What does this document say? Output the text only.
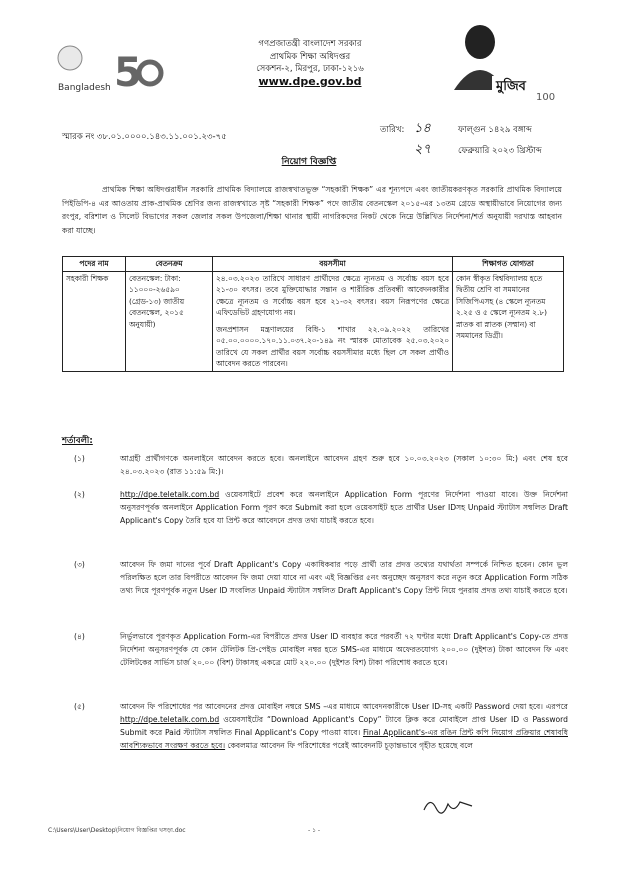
Bangladesh 5
গণপ্রজাতন্ত্রী বাংলাদেশ সরকার
প্রাথমিক শিক্ষা অধিদপ্তর
সেকশন-২, মিরপুর, ঢাকা-১২১৬
www.dpe.gov.bd	মুজিব
100
স্মারক নং ৩৮.০১.০০০০.১৪৩.১১.০০১.২৩-৭৫
তারিখ: ১৪	ফাল্গুন ১৪২৯ বঙ্গাব্দ
২৭	ফেব্রুয়ারি ২০২৩ খ্রিস্টাব্দ
নিয়োগ বিজ্ঞপ্তি
প্রাথমিক শিক্ষা অধিদপ্তরাধীন সরকারি প্রাথমিক বিদ্যালয়ে রাজস্বখাতভুক্ত “সহকারী শিক্ষক” এর শূন্যপদে এবং জাতীয়করণকৃত সরকারি প্রাথমিক বিদ্যালয়ে পিইডিপি-৪ এর আওতায় প্রাক-প্রাথমিক শ্রেণির জন্য রাজস্বখাতে সৃষ্ট “সহকারী শিক্ষক” পদে জাতীয় বেতনস্কেল ২০১৫-এর ১৩তম গ্রেডে অস্থায়ীভাবে নিয়োগের জন্য রংপুর, বরিশাল ও সিলেট বিভাগের সকল জেলার সকল উপজেলা/শিক্ষা থানার স্থায়ী নাগরিকদের নিকট থেকে নিম্নে উল্লিখিত নির্দেশনা/শর্ত অনুযায়ী দরখাস্ত আহবান করা যাচ্ছে।
পদের নাম	বেতনক্রম	বয়সসীমা	শিক্ষাগত যোগ্যতা
সহকারী শিক্ষক	বেতনস্কেল: টাকা: ১১০০০-২৬৫৯০ (গ্রেড-১৩) জাতীয় বেতনস্কেল, ২০১৫ অনুযায়ী)	২৪.০৩.২০২৩ তারিখে সাধারণ প্রার্থীদের ক্ষেত্রে ন্যূনতম ও সর্বোচ্চ বয়স হবে ২১-৩০ বৎসর। তবে মুক্তিযোদ্ধার সন্তান ও শারীরিক প্রতিবন্ধী আবেদনকারীর ক্ষেত্রে ন্যূনতম ও সর্বোচ্চ বয়স হবে ২১-৩২ বৎসর। বয়স নিরূপণের ক্ষেত্রে এফিডেভিট গ্রহণযোগ্য নয়।
জনপ্রশাসন মন্ত্রণালয়ের বিধি-১ শাখার ২২.০৯.২০২২ তারিখের ০৫.০০.০০০০.১৭০.১১.০৩৭.২০-১৪৯ নং স্মারক মোতাবেক ২৫.০৩.২০২০ তারিখে যে সকল প্রার্থীর বয়স সর্বোচ্চ বয়সসীমার মধ্যে ছিল সে সকল প্রার্থীও আবেদন করতে পারবেন।	কোন স্বীকৃত বিশ্ববিদ্যালয় হতে দ্বিতীয় শ্রেণি বা সমমানের সিজিপিএসহ (৪ স্কেলে ন্যূনতম ২.২৫ ও ৫ স্কেলে ন্যূনতম ২.৮) স্নাতক বা স্নাতক (সম্মান) বা সমমানের ডিগ্রী।
শর্তাবলী:
(১)	আগ্রহী প্রার্থীগণকে অনলাইনে আবেদন করতে হবে। অনলাইনে আবেদন গ্রহণ শুরু হবে ১০.০৩.২০২৩ (সকাল ১০:৩০ মি:) এবং শেষ হবে ২৪.০৩.২০২৩ (রাত ১১:৫৯ মি:)।
(২)	http://dpe.teletalk.com.bd ওয়েবসাইটে প্রবেশ করে অনলাইনে Application Form পূরণের নির্দেশনা পাওয়া যাবে। উক্ত নির্দেশনা অনুসরণপূর্বক অনলাইনে Application Form পূরণ করে Submit করা হলে ওয়েবসাইট হতে প্রার্থীর User IDসহ Unpaid স্ট্যাটাস সম্বলিত Draft Applicant's Copy তৈরি হবে যা প্রিন্ট করে আবেদনে প্রদত্ত তথ্য যাচাই করতে হবে।
(৩)	আবেদন ফি জমা দানের পূর্বে Draft Applicant's Copy একাধিকবার পড়ে প্রার্থী তার প্রদত্ত তথ্যের যথার্থতা সম্পর্কে নিশ্চিত হবেন। কোন ভুল পরিলক্ষিত হলে তার বিপরীতে আবেদন ফি জমা দেয়া যাবে না এবং এই বিজ্ঞপ্তির ৫নং অনুচ্ছেদ অনুসরণ করে নতুন করে Application Form সঠিক তথ্য দিয়ে পূরণপূর্বক নতুন User ID সংবলিত Unpaid স্ট্যাটাস সম্বলিত Draft Applicant's Copy প্রিন্ট নিয়ে পুনরায় প্রদত্ত তথ্য যাচাই করতে হবে।
(৪)	নির্ভুলভাবে পূরণকৃত Application Form-এর বিপরীতে প্রদত্ত User ID ব্যবহার করে পরবর্তী ৭২ ঘণ্টার মধ্যে Draft Applicant's Copy-তে প্রদত্ত নির্দেশনা অনুসরণপূর্বক যে কোন টেলিটক প্রি-পেইড মোবাইল নম্বর হতে SMS-এর মাধ্যমে অফেরতযোগ্য ২০০.০০ (দুইশত) টাকা আবেদন ফি এবং টেলিটকের সার্ভিস চার্জ ২০.০০ (বিশ) টাকাসহ একত্রে মোট ২২০.০০ (দুইশত বিশ) টাকা পরিশোধ করতে হবে।
(৫)	আবেদন ফি পরিশোধের পর আবেদনের প্রদত্ত মোবাইল নম্বরে SMS –এর মাধ্যমে আবেদনকারীকে User ID-সহ একটি Password দেয়া হবে। এরপরে http://dpe.teletalk.com.bd ওয়েবসাইটের “Download Applicant's Copy” ট্যাবে ক্লিক করে মোবাইলে প্রাপ্ত User ID ও Password Submit করে Paid স্ট্যাটাস সম্বলিত Final Applicant's Copy পাওয়া যাবে। Final Applicant's-এর রঙিন প্রিন্ট কপি নিয়োগ প্রক্রিয়ার শেষাবধি আবশ্যিকভাবে সংরক্ষণ করতে হবে। কেবলমাত্র আবেদন ফি পরিশোধের পরেই আবেদনটি চূড়ান্তভাবে গৃহীত হয়েছে বলে
C:\Users\User\Desktop\নিয়োগ বিজ্ঞপ্তির খসড়া.doc	- ১ -
